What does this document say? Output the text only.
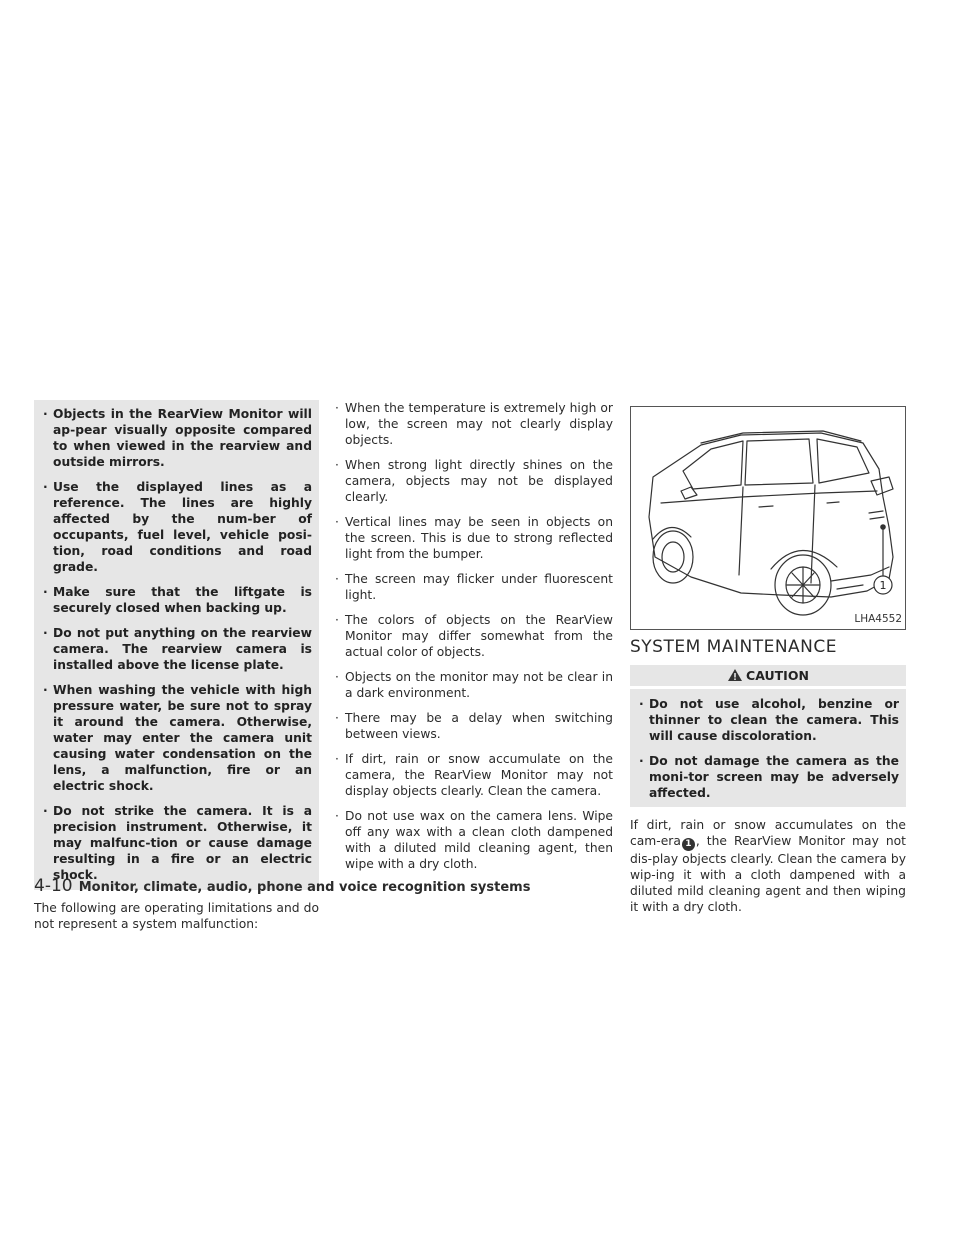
· Objects in the RearView Monitor will ap-pear visually opposite compared to when viewed in the rearview and outside mirrors.
· Use the displayed lines as a reference. The lines are highly affected by the num-ber of occupants, fuel level, vehicle posi-tion, road conditions and road grade.
· Make sure that the liftgate is securely closed when backing up.
· Do not put anything on the rearview camera. The rearview camera is installed above the license plate.
· When washing the vehicle with high pressure water, be sure not to spray it around the camera. Otherwise, water may enter the camera unit causing water condensation on the lens, a malfunction, fire or an electric shock.
· Do not strike the camera. It is a precision instrument. Otherwise, it may malfunc-tion or cause damage resulting in a fire or an electric shock.

The following are operating limitations and do not represent a system malfunction:

· When the temperature is extremely high or low, the screen may not clearly display objects.
· When strong light directly shines on the camera, objects may not be displayed clearly.
· Vertical lines may be seen in objects on the screen. This is due to strong reflected light from the bumper.
· The screen may flicker under fluorescent light.
· The colors of objects on the RearView Monitor may differ somewhat from the actual color of objects.
· Objects on the monitor may not be clear in a dark environment.
· There may be a delay when switching between views.
· If dirt, rain or snow accumulate on the camera, the RearView Monitor may not display objects clearly. Clean the camera.
· Do not use wax on the camera lens. Wipe off any wax with a clean cloth dampened with a diluted mild cleaning agent, then wipe with a dry cloth.
1
LHA4552
SYSTEM MAINTENANCE
CAUTION
· Do not use alcohol, benzine or thinner to clean the camera. This will cause discoloration.
· Do not damage the camera as the moni-tor screen may be adversely affected.

If dirt, rain or snow accumulates on the cam-era 1 , the RearView Monitor may not dis-play objects clearly. Clean the camera by wip-ing it with a cloth dampened with a diluted mild cleaning agent and then wiping it with a dry cloth.

4-10 Monitor, climate, audio, phone and voice recognition systems
